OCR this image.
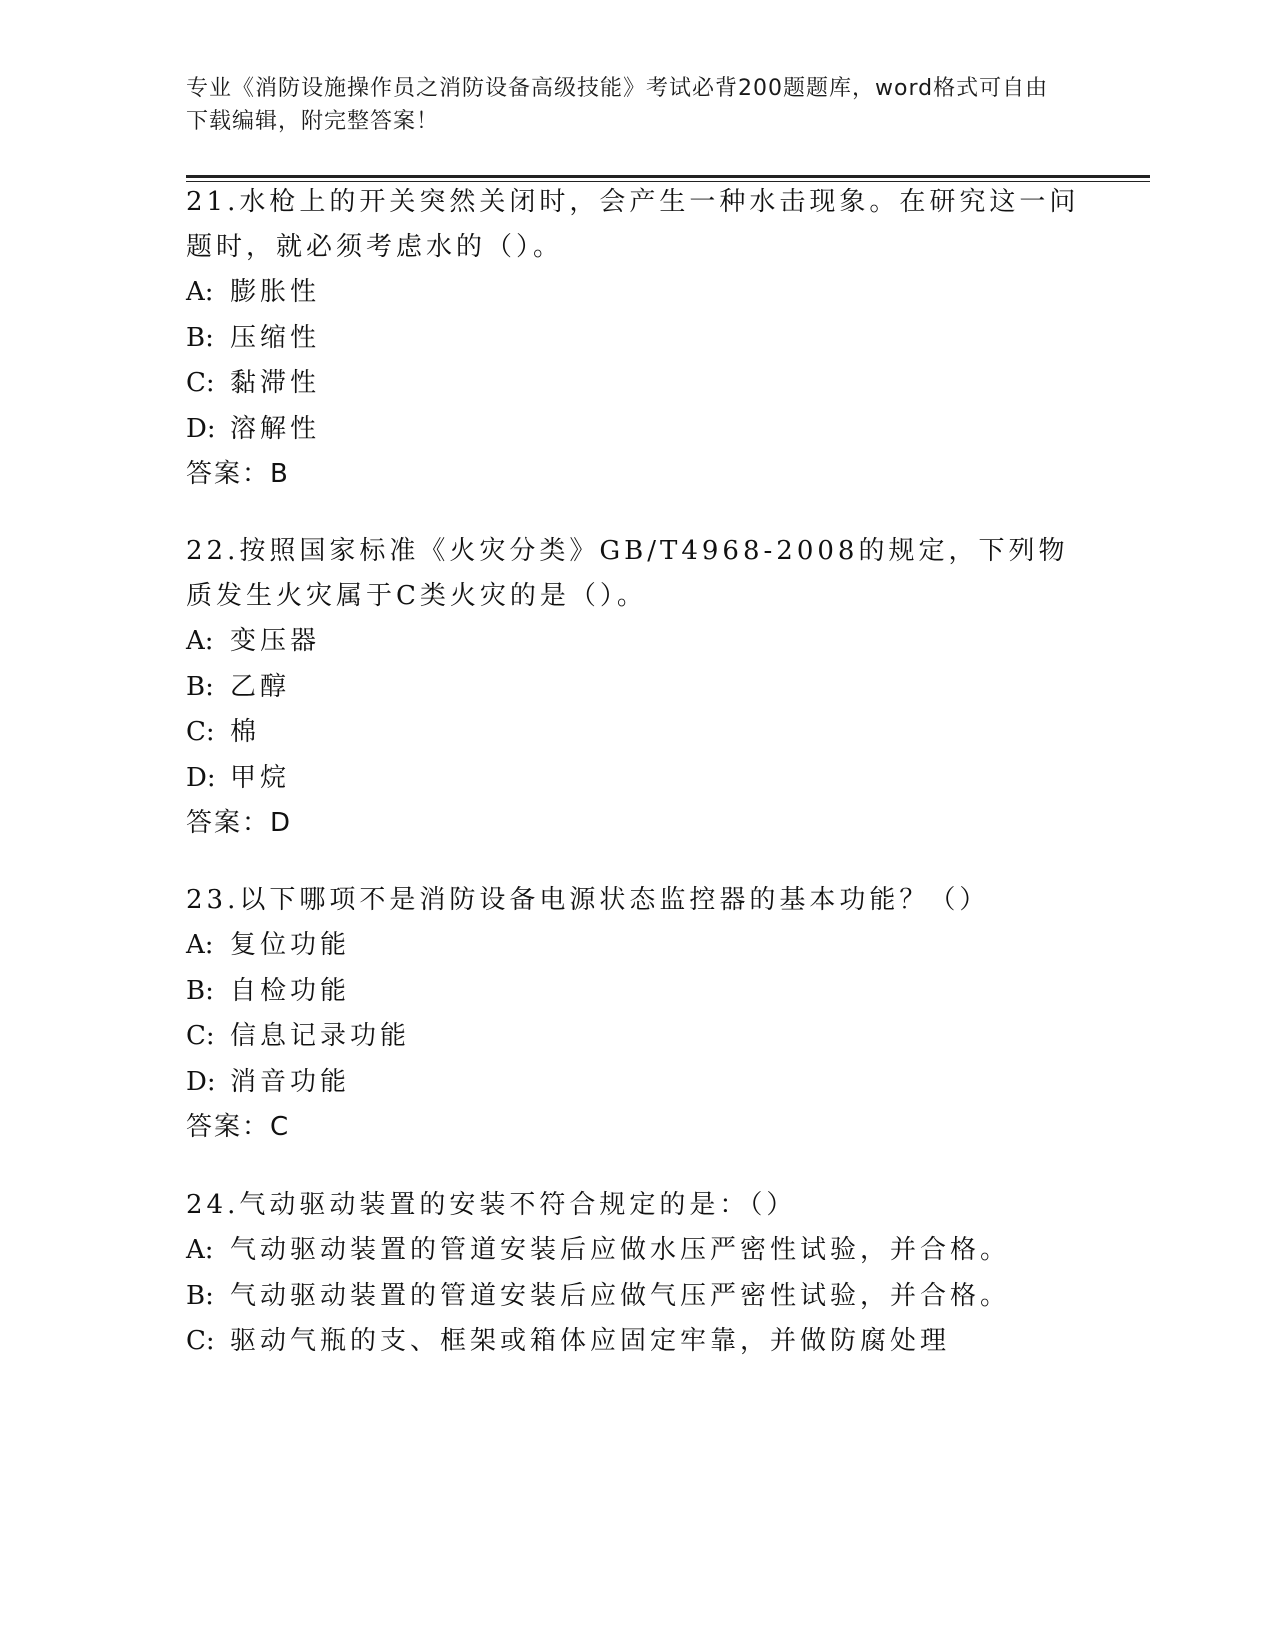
专业《消防设施操作员之消防设备高级技能》考试必背200题题库，word格式可自由下载编辑，附完整答案！

21.水枪上的开关突然关闭时，会产生一种水击现象。在研究这一问题时，就必须考虑水的（）。

A: 膨胀性

B: 压缩性

C: 黏滞性

D: 溶解性

答案：B

22.按照国家标准《火灾分类》GB/T4968-2008的规定，下列物质发生火灾属于C类火灾的是（）。

A: 变压器

B: 乙醇

C: 棉

D: 甲烷

答案：D

23.以下哪项不是消防设备电源状态监控器的基本功能？（）

A: 复位功能

B: 自检功能

C: 信息记录功能

D: 消音功能

答案：C

24.气动驱动装置的安装不符合规定的是：（）

A: 气动驱动装置的管道安装后应做水压严密性试验，并合格。

B: 气动驱动装置的管道安装后应做气压严密性试验，并合格。

C: 驱动气瓶的支、框架或箱体应固定牢靠，并做防腐处理
